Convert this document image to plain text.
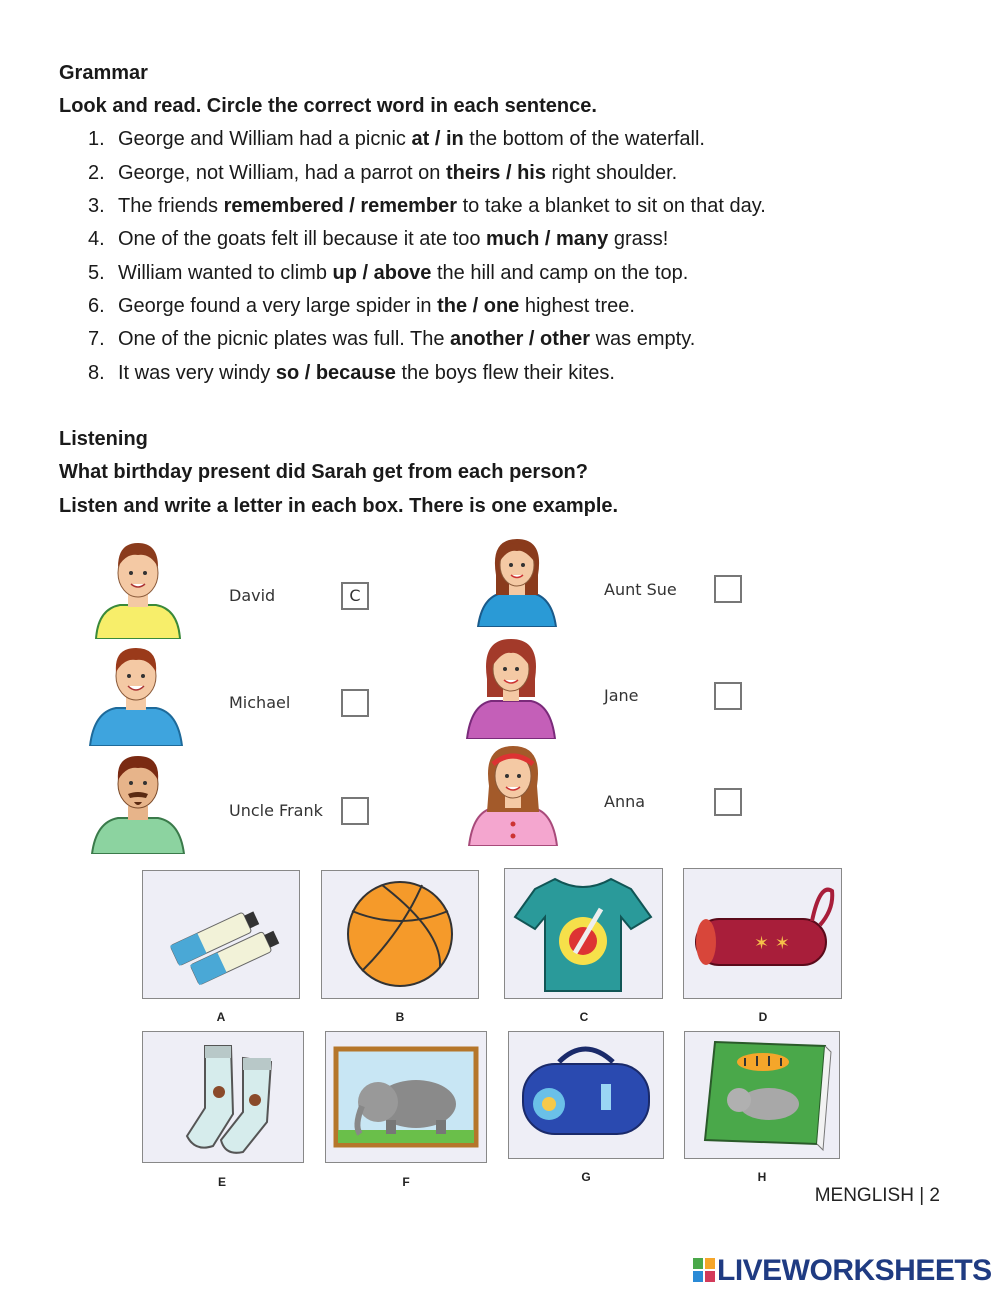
Grammar
Look and read. Circle the correct word in each sentence.
1. George and William had a picnic at / in the bottom of the waterfall.
2. George, not William, had a parrot on theirs / his right shoulder.
3. The friends remembered / remember to take a blanket to sit on that day.
4. One of the goats felt ill because it ate too much / many grass!
5. William wanted to climb up / above the hill and camp on the top.
6. George found a very large spider in the / one highest tree.
7. One of the picnic plates was full. The another / other was empty.
8. It was very windy so / because the boys flew their kites.
Listening
What birthday present did Sarah get from each person?
Listen and write a letter in each box. There is one example.
David	C
Michael
Uncle Frank
Aunt Sue
Jane
Anna
A	B	C
✶ ✶
D
E	F	G	H
MENGLISH | 2
LIVEWORKSHEETS
